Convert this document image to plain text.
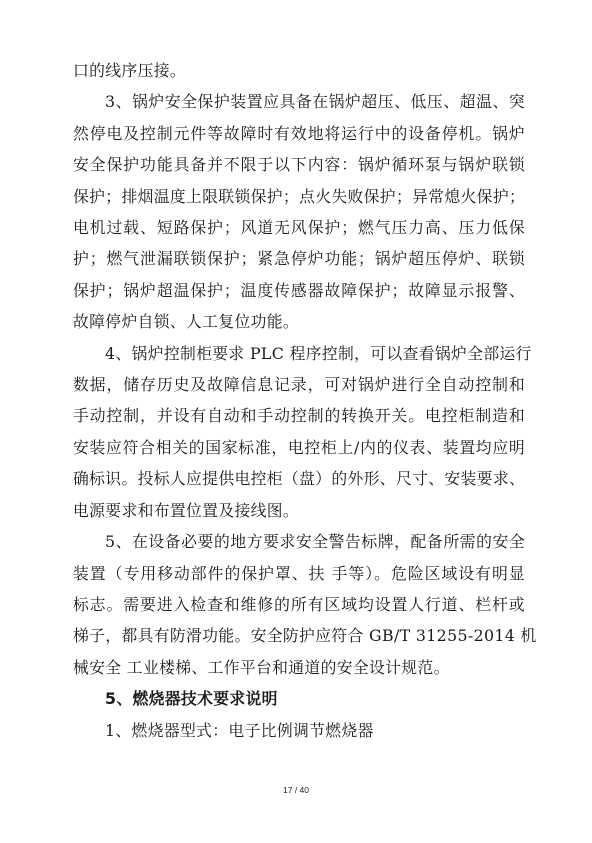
口的线序压接。

3、锅炉安全保护装置应具备在锅炉超压、低压、超温、突
然停电及控制元件等故障时有效地将运行中的设备停机。锅炉
安全保护功能具备并不限于以下内容：锅炉循环泵与锅炉联锁
保护；排烟温度上限联锁保护；点火失败保护；异常熄火保护；
电机过载、短路保护；风道无风保护；燃气压力高、压力低保
护；燃气泄漏联锁保护；紧急停炉功能；锅炉超压停炉、联锁
保护；锅炉超温保护；温度传感器故障保护；故障显示报警、
故障停炉自锁、人工复位功能。

4、锅炉控制柜要求 PLC 程序控制，可以查看锅炉全部运行
数据，储存历史及故障信息记录，可对锅炉进行全自动控制和
手动控制，并设有自动和手动控制的转换开关。电控柜制造和
安装应符合相关的国家标准，电控柜上/内的仪表、装置均应明
确标识。投标人应提供电控柜（盘）的外形、尺寸、安装要求、
电源要求和布置位置及接线图。

5、在设备必要的地方要求安全警告标牌，配备所需的安全
装置（专用移动部件的保护罩、扶 手等）。危险区域设有明显
标志。需要进入检查和维修的所有区域均设置人行道、栏杆或
梯子，都具有防滑功能。安全防护应符合 GB/T 31255-2014 机
械安全 工业楼梯、工作平台和通道的安全设计规范。

5、燃烧器技术要求说明

1、燃烧器型式：电子比例调节燃烧器

17 / 40
